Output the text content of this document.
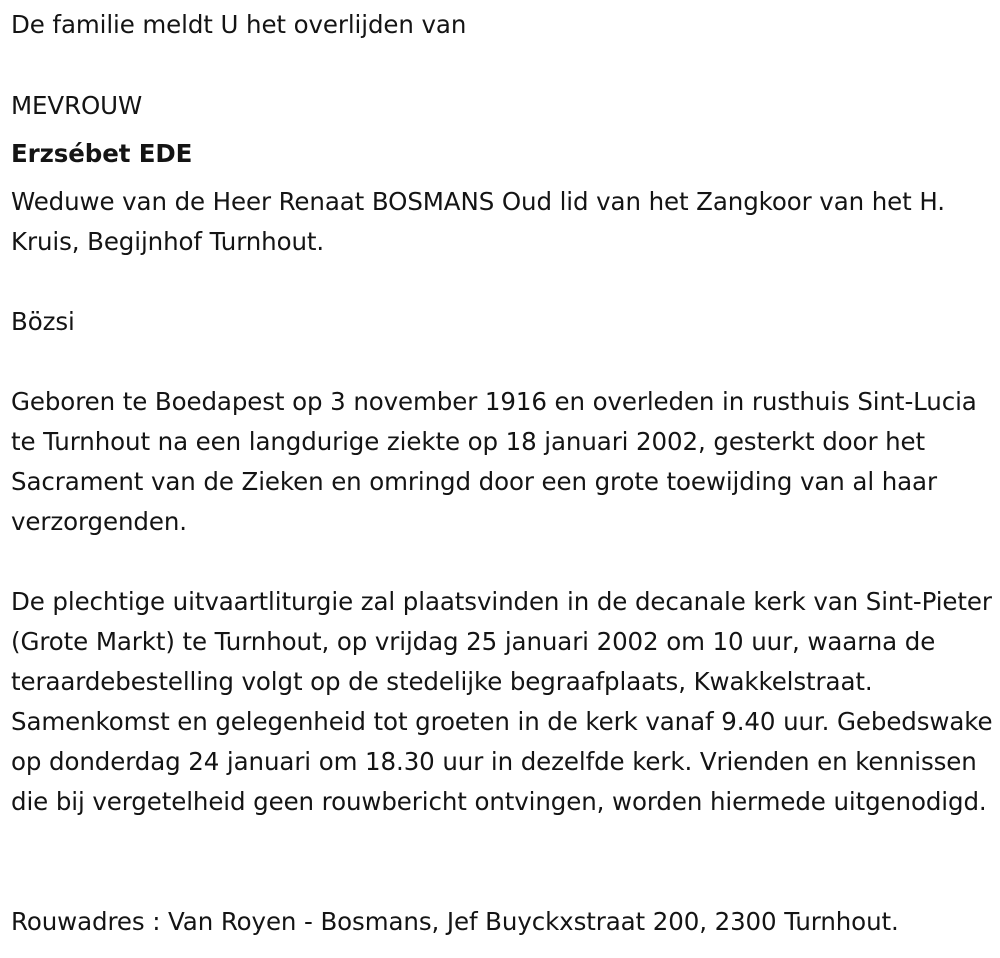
De familie meldt U het overlijden van

MEVROUW

Erzsébet EDE

Weduwe van de Heer Renaat BOSMANS Oud lid van het Zangkoor van het H. Kruis, Begijnhof Turnhout.

Bözsi

Geboren te Boedapest op 3 november 1916 en overleden in rusthuis Sint-Lucia te Turnhout na een langdurige ziekte op 18 januari 2002, gesterkt door het Sacrament van de Zieken en omringd door een grote toewijding van al haar verzorgenden.

De plechtige uitvaartliturgie zal plaatsvinden in de decanale kerk van Sint-Pieter (Grote Markt) te Turnhout, op vrijdag 25 januari 2002 om 10 uur, waarna de teraardebestelling volgt op de stedelijke begraafplaats, Kwakkelstraat. Samenkomst en gelegenheid tot groeten in de kerk vanaf 9.40 uur. Gebedswake op donderdag 24 januari om 18.30 uur in dezelfde kerk. Vrienden en kennissen die bij vergetelheid geen rouwbericht ontvingen, worden hiermede uitgenodigd.

Rouwadres : Van Royen - Bosmans, Jef Buyckxstraat 200, 2300 Turnhout.
